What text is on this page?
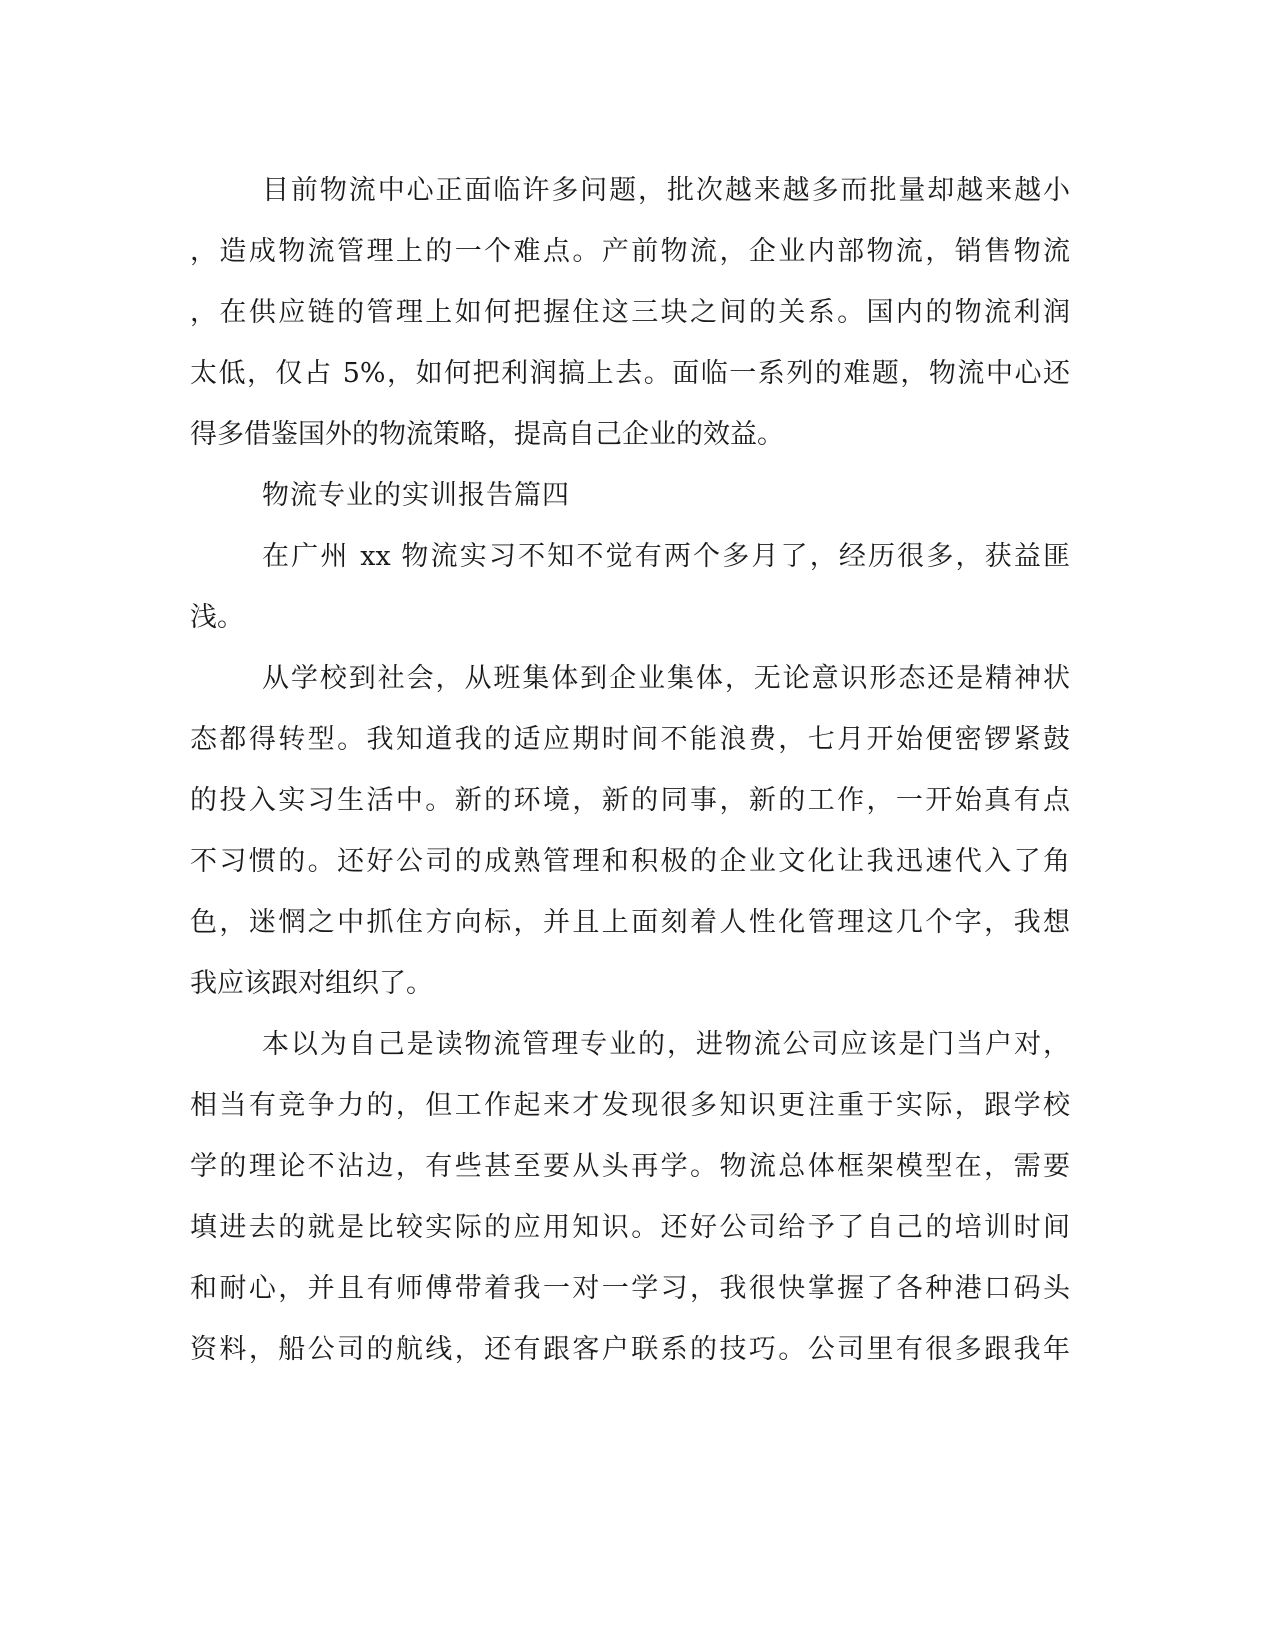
目前物流中心正面临许多问题，批次越来越多而批量却越来越小
，造成物流管理上的一个难点。产前物流，企业内部物流，销售物流
，在供应链的管理上如何把握住这三块之间的关系。国内的物流利润
太低，仅占 5%，如何把利润搞上去。面临一系列的难题，物流中心还
得多借鉴国外的物流策略，提高自己企业的效益。
物流专业的实训报告篇四
在广州 xx 物流实习不知不觉有两个多月了，经历很多，获益匪
浅。
从学校到社会，从班集体到企业集体，无论意识形态还是精神状
态都得转型。我知道我的适应期时间不能浪费，七月开始便密锣紧鼓
的投入实习生活中。新的环境，新的同事，新的工作，一开始真有点
不习惯的。还好公司的成熟管理和积极的企业文化让我迅速代入了角
色，迷惘之中抓住方向标，并且上面刻着人性化管理这几个字，我想
我应该跟对组织了。
本以为自己是读物流管理专业的，进物流公司应该是门当户对，
相当有竞争力的，但工作起来才发现很多知识更注重于实际，跟学校
学的理论不沾边，有些甚至要从头再学。物流总体框架模型在，需要
填进去的就是比较实际的应用知识。还好公司给予了自己的培训时间
和耐心，并且有师傅带着我一对一学习，我很快掌握了各种港口码头
资料，船公司的航线，还有跟客户联系的技巧。公司里有很多跟我年
